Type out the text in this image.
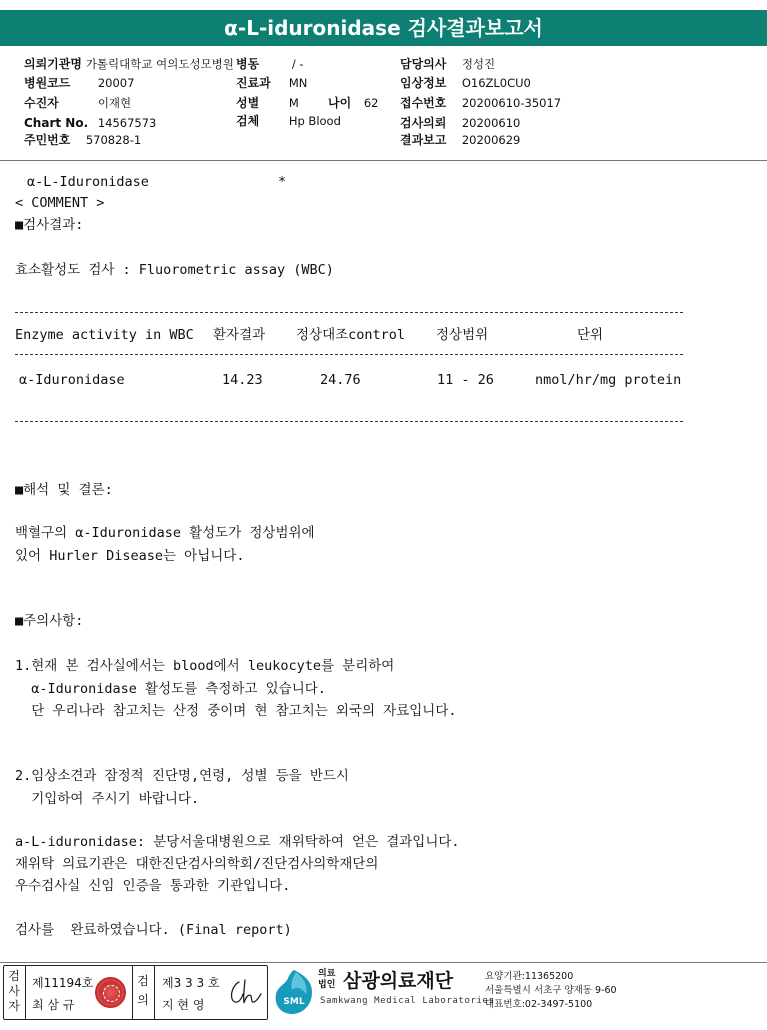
α-L-iduronidase 검사결과보고서
의뢰기관명 가톨릭대학교 여의도성모병원 병동	/ -	담당의사 정성진
병원코드 20007	진료과 MN	임상정보 O16ZL0CU0
수진자	이재현	성별	M 나이 62 접수번호 20200610-35017
Chart No. 14567573	검체	Hp Blood	검사의뢰 20200610
주민번호 570828-1	결과보고 20200629
α-L-Iduronidase	*
< COMMENT >
■검사결과:
효소활성도 검사 : Fluorometric assay (WBC)
Enzyme activity in WBC 환자결과 정상대조control 정상범위	단위
α-Iduronidase	14.23	24.76	11 - 26	nmol/hr/mg protein
■해석 및 결론:
백혈구의 α-Iduronidase 활성도가 정상범위에
있어 Hurler Disease는 아닙니다.
■주의사항:
1.현재 본 검사실에서는 blood에서 leukocyte를 분리하여
α-Iduronidase 활성도를 측정하고 있습니다.
단 우리나라 참고치는 산정 중이며 현 참고치는 외국의 자료입니다.
2.임상소견과 잠정적 진단명,연령, 성별 등을 반드시
기입하여 주시기 바랍니다.
a-L-iduronidase: 분당서울대병원으로 재위탁하여 얻은 결과입니다.
재위탁 의료기관은 대한진단검사의학회/진단검사의학재단의
우수검사실 신임 인증을 통과한 기관입니다.
검사를  완료하였습니다. (Final report)
검
사
자
제11194호
최 삼 규
검
의
제3 3 3 호
지 현 영	SML
의료
법인 삼광의료재단
Samkwang Medical Laboratories
요양기관:11365200
서울특별시 서초구 양재동 9-60
대표번호:02-3497-5100
